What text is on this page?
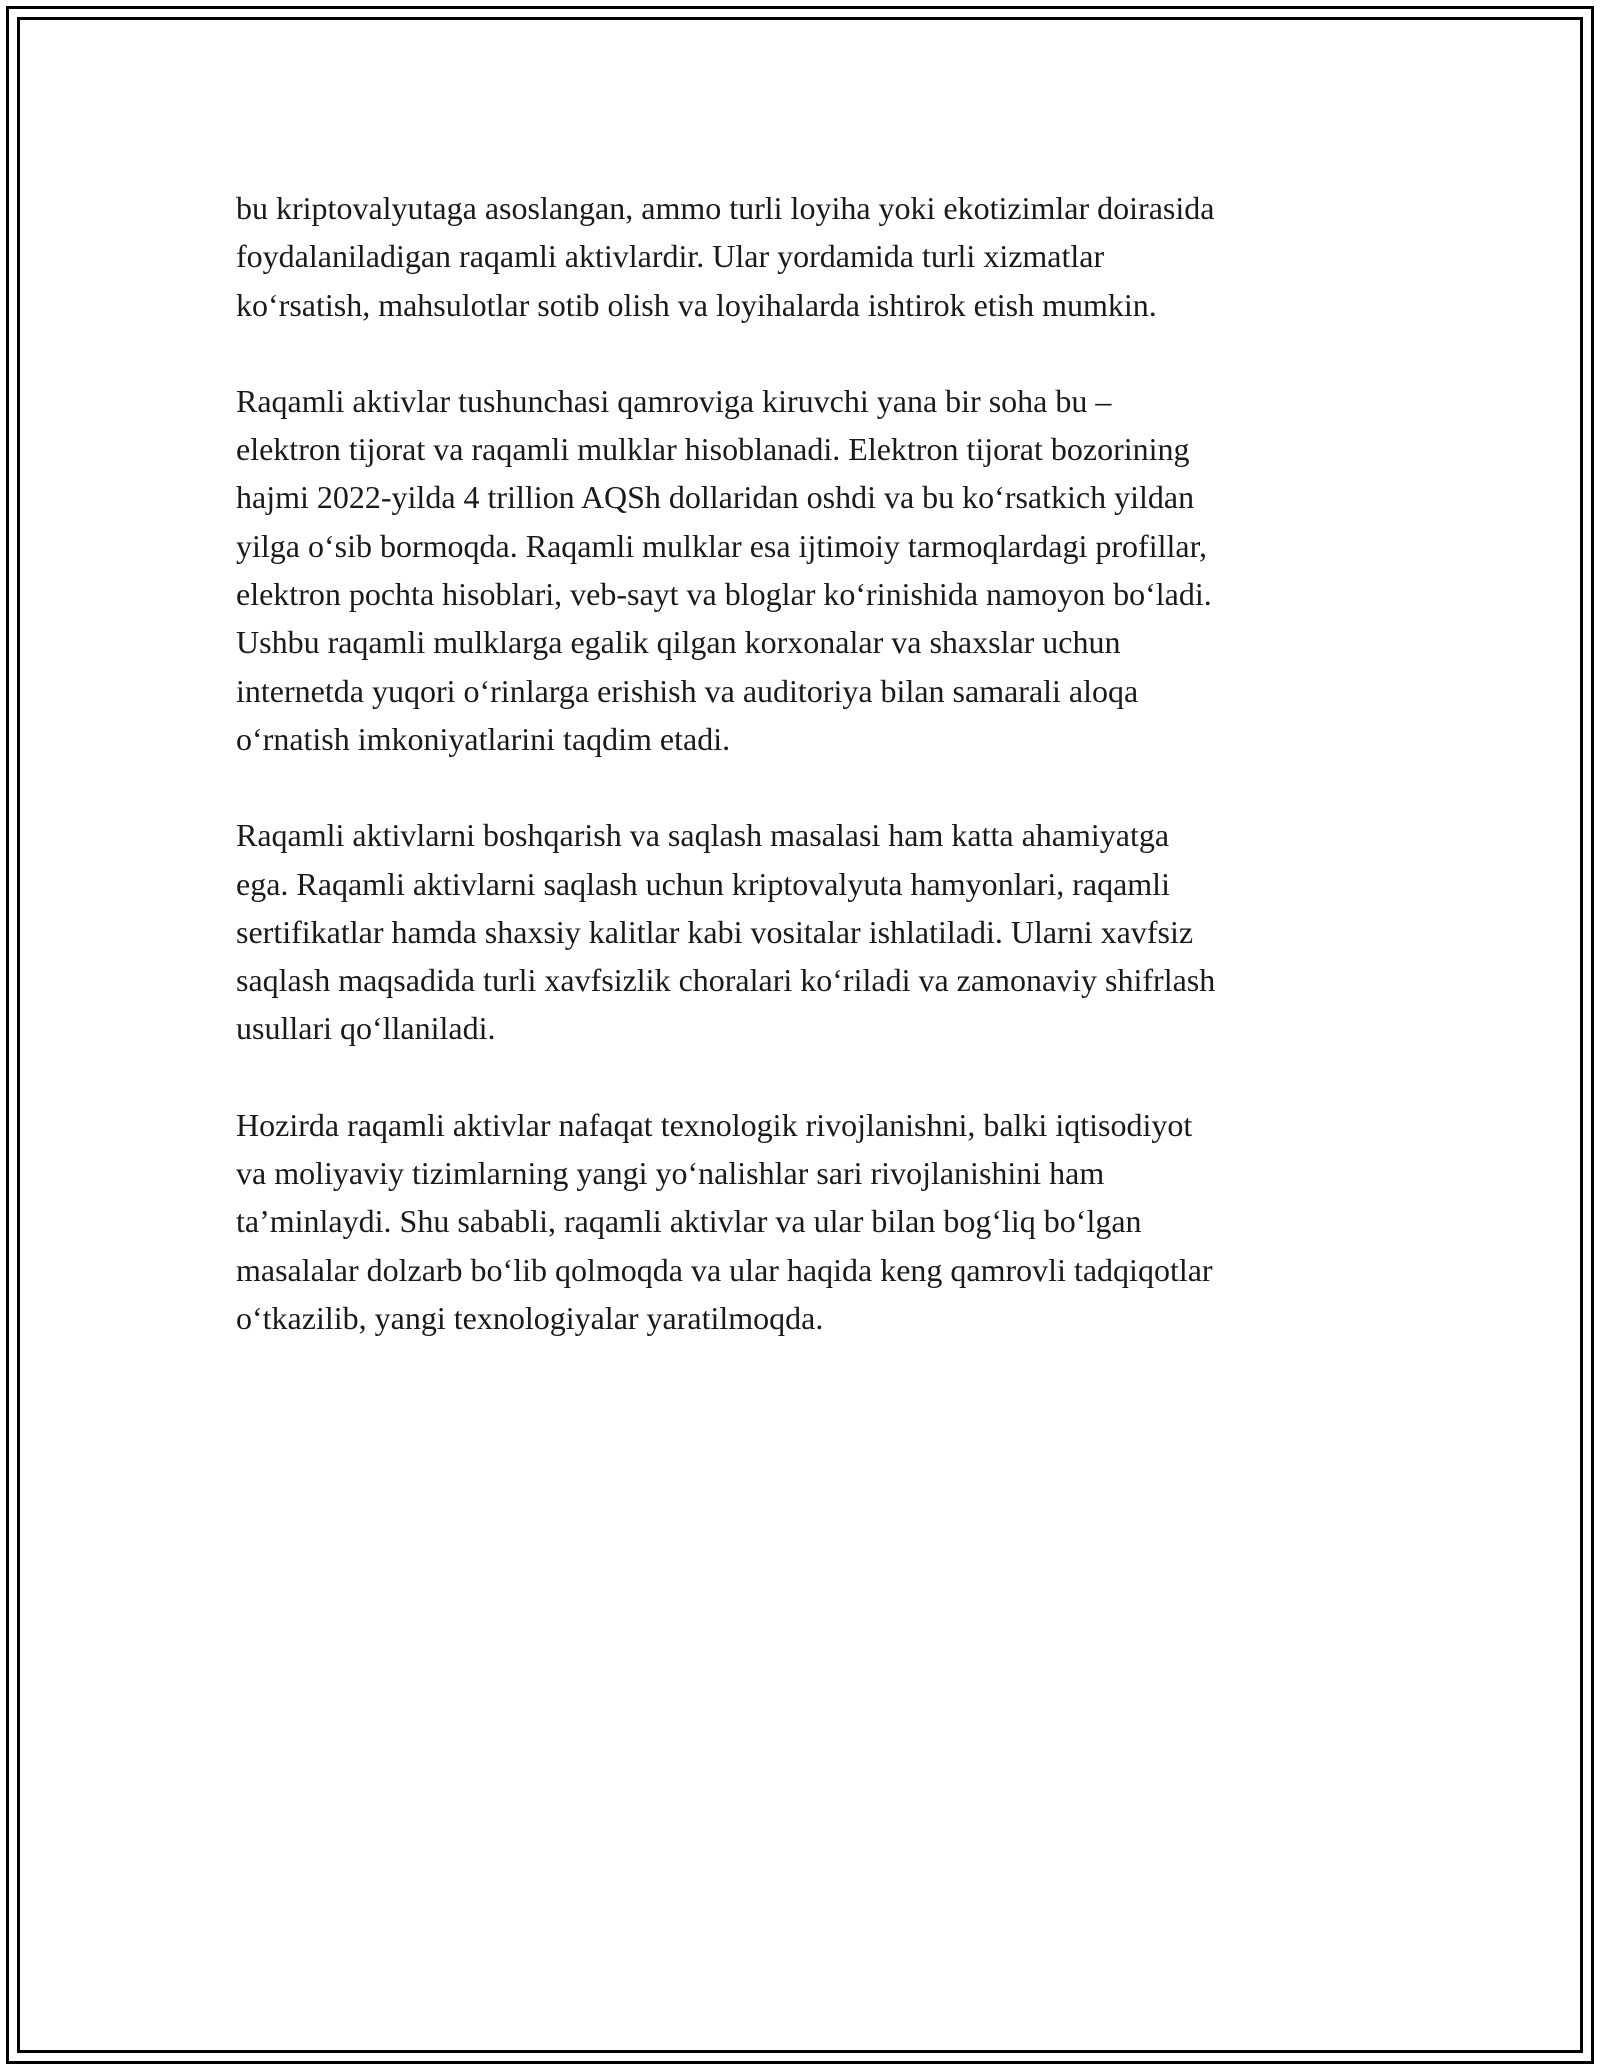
bu kriptovalyutaga asoslangan, ammo turli loyiha yoki ekotizimlar doirasida
foydalaniladigan raqamli aktivlardir. Ular yordamida turli xizmatlar
ko‘rsatish, mahsulotlar sotib olish va loyihalarda ishtirok etish mumkin.

Raqamli aktivlar tushunchasi qamroviga kiruvchi yana bir soha bu –
elektron tijorat va raqamli mulklar hisoblanadi. Elektron tijorat bozorining
hajmi 2022-yilda 4 trillion AQSh dollaridan oshdi va bu ko‘rsatkich yildan
yilga o‘sib bormoqda. Raqamli mulklar esa ijtimoiy tarmoqlardagi profillar,
elektron pochta hisoblari, veb-sayt va bloglar ko‘rinishida namoyon bo‘ladi.
Ushbu raqamli mulklarga egalik qilgan korxonalar va shaxslar uchun
internetda yuqori o‘rinlarga erishish va auditoriya bilan samarali aloqa
o‘rnatish imkoniyatlarini taqdim etadi.

Raqamli aktivlarni boshqarish va saqlash masalasi ham katta ahamiyatga
ega. Raqamli aktivlarni saqlash uchun kriptovalyuta hamyonlari, raqamli
sertifikatlar hamda shaxsiy kalitlar kabi vositalar ishlatiladi. Ularni xavfsiz
saqlash maqsadida turli xavfsizlik choralari ko‘riladi va zamonaviy shifrlash
usullari qo‘llaniladi.

Hozirda raqamli aktivlar nafaqat texnologik rivojlanishni, balki iqtisodiyot
va moliyaviy tizimlarning yangi yo‘nalishlar sari rivojlanishini ham
ta’minlaydi. Shu sababli, raqamli aktivlar va ular bilan bog‘liq bo‘lgan
masalalar dolzarb bo‘lib qolmoqda va ular haqida keng qamrovli tadqiqotlar
o‘tkazilib, yangi texnologiyalar yaratilmoqda.
